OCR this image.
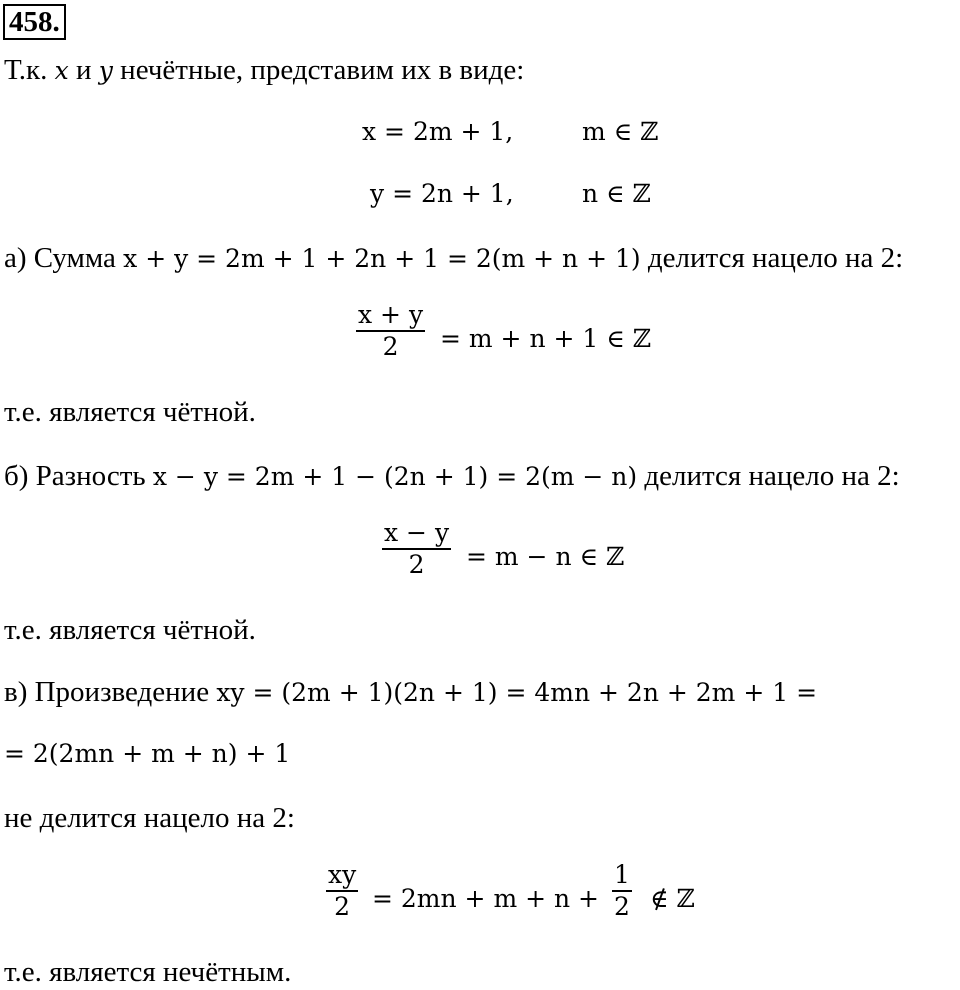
458.
Т.к. x и y нечётные, представим их в виде:
x = 2m + 1,	m ∈ ℤ
y = 2n + 1,	n ∈ ℤ
а) Сумма x + y = 2m + 1 + 2n + 1 = 2(m + n + 1) делится нацело на 2:
x + y
2 = m + n + 1 ∈ ℤ
т.е. является чётной.
б) Разность x − y = 2m + 1 − (2n + 1) = 2(m − n) делится нацело на 2:
x − y
2 = m − n ∈ ℤ
т.е. является чётной.
в) Произведение xy = (2m + 1)(2n + 1) = 4mn + 2n + 2m + 1 =
= 2(2mn + m + n) + 1
не делится нацело на 2:
xy
2 = 2mn + m + n +
1
2 ∉ ℤ
т.е. является нечётным.
